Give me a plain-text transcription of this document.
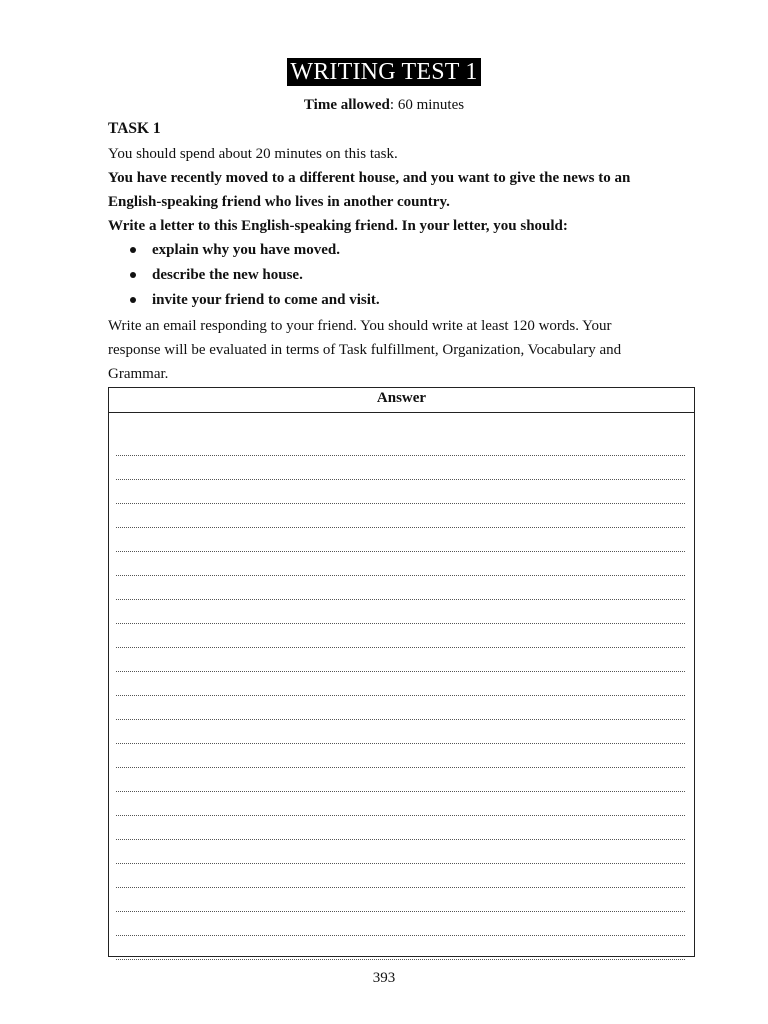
WRITING TEST 1
Time allowed: 60 minutes
TASK 1
You should spend about 20 minutes on this task.
You have recently moved to a different house, and you want to give the news to an
English-speaking friend who lives in another country.
Write a letter to this English-speaking friend. In your letter, you should:
explain why you have moved.
describe the new house.
invite your friend to come and visit.
Write an email responding to your friend. You should write at least 120 words. Your
response will be evaluated in terms of Task fulfillment, Organization, Vocabulary and
Grammar.
Answer
393
